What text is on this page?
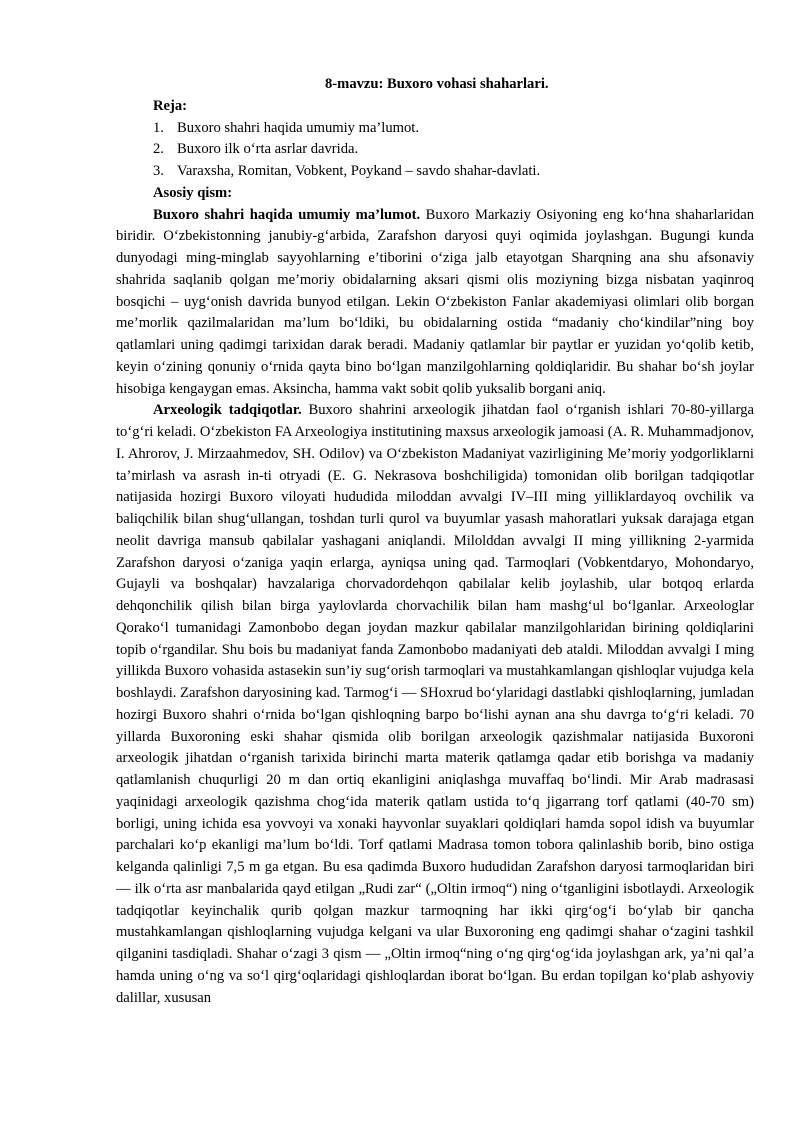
8-mavzu: Buxoro vohasi shaharlari.
Reja:
1. Buxoro shahri haqida umumiy ma’lumot.
2. Buxoro ilk o‘rta asrlar davrida.
3. Varaxsha, Romitan, Vobkent, Poykand – savdo shahar-davlati.
Asosiy qism:

Buxoro shahri haqida umumiy ma’lumot. Buxoro Markaziy Osiyoning eng ko‘hna shaharlaridan biridir. O‘zbekistonning janubiy-g‘arbida, Zarafshon daryosi quyi oqimida joylashgan. Bugungi kunda dunyodagi ming-minglab sayyohlarning e’tiborini o‘ziga jalb etayotgan Sharqning ana shu afsonaviy shahrida saqlanib qolgan me’moriy obidalarning aksari qismi olis moziyning bizga nisbatan yaqinroq bosqichi – uyg‘onish davrida bunyod etilgan. Lekin O‘zbekiston Fanlar akademiyasi olimlari olib borgan me’morlik qazilmalaridan ma’lum bo‘ldiki, bu obidalarning ostida “madaniy cho‘kindilar”ning boy qatlamlari uning qadimgi tarixidan darak beradi. Madaniy qatlamlar bir paytlar er yuzidan yo‘qolib ketib, keyin o‘zining qonuniy o‘rnida qayta bino bo‘lgan manzilgohlarning qoldiqlaridir. Bu shahar bo‘sh joylar hisobiga kengaygan emas. Aksincha, hamma vakt sobit qolib yuksalib borgani aniq.

Arxeologik tadqiqotlar. Buxoro shahrini arxeologik jihatdan faol o‘rganish ishlari 70-80-yillarga to‘g‘ri keladi. O‘zbekiston FA Arxeologiya institutining maxsus arxeologik jamoasi (A. R. Muhammadjonov, I. Ahrorov, J. Mirzaahmedov, SH. Odilov) va O‘zbekiston Madaniyat vazirligining Me’moriy yodgorliklarni ta’mirlash va asrash in-ti otryadi (E. G. Nekrasova boshchiligida) tomonidan olib borilgan tadqiqotlar natijasida hozirgi Buxoro viloyati hududida miloddan avvalgi IV–III ming yilliklardayoq ovchilik va baliqchilik bilan shug‘ullangan, toshdan turli qurol va buyumlar yasash mahoratlari yuksak darajaga etgan neolit davriga mansub qabilalar yashagani aniqlandi. Milolddan avvalgi II ming yillikning 2-yarmida Zarafshon daryosi o‘zaniga yaqin erlarga, ayniqsa uning qad. Tarmoqlari (Vobkentdaryo, Mohondaryo, Gujayli va boshqalar) havzalariga chorvadordehqon qabilalar kelib joylashib, ular botqoq erlarda dehqonchilik qilish bilan birga yaylovlarda chorvachilik bilan ham mashg‘ul bo‘lganlar. Arxeologlar Qorako‘l tumanidagi Zamonbobo degan joydan mazkur qabilalar manzilgohlaridan birining qoldiqlarini topib o‘rgandilar. Shu bois bu madaniyat fanda Zamonbobo madaniyati deb ataldi. Miloddan avvalgi I ming yillikda Buxoro vohasida astasekin sun’iy sug‘orish tarmoqlari va mustahkamlangan qishloqlar vujudga kela boshlaydi. Zarafshon daryosining kad. Tarmog‘i — SHoxrud bo‘ylaridagi dastlabki qishloqlarning, jumladan hozirgi Buxoro shahri o‘rnida bo‘lgan qishloqning barpo bo‘lishi aynan ana shu davrga to‘g‘ri keladi. 70 yillarda Buxoroning eski shahar qismida olib borilgan arxeologik qazishmalar natijasida Buxoroni arxeologik jihatdan o‘rganish tarixida birinchi marta materik qatlamga qadar etib borishga va madaniy qatlamlanish chuqurligi 20 m dan ortiq ekanligini aniqlashga muvaffaq bo‘lindi. Mir Arab madrasasi yaqinidagi arxeologik qazishma chog‘ida materik qatlam ustida to‘q jigarrang torf qatlami (40-70 sm) borligi, uning ichida esa yovvoyi va xonaki hayvonlar suyaklari qoldiqlari hamda sopol idish va buyumlar parchalari ko‘p ekanligi ma’lum bo‘ldi. Torf qatlami Madrasa tomon tobora qalinlashib borib, bino ostiga kelganda qalinligi 7,5 m ga etgan. Bu esa qadimda Buxoro hududidan Zarafshon daryosi tarmoqlaridan biri — ilk o‘rta asr manbalarida qayd etilgan „Rudi zar“ („Oltin irmoq“) ning o‘tganligini isbotlaydi. Arxeologik tadqiqotlar keyinchalik qurib qolgan mazkur tarmoqning har ikki qirg‘og‘i bo‘ylab bir qancha mustahkamlangan qishloqlarning vujudga kelgani va ular Buxoroning eng qadimgi shahar o‘zagini tashkil qilganini tasdiqladi. Shahar o‘zagi 3 qism — „Oltin irmoq“ning o‘ng qirg‘og‘ida joylashgan ark, ya’ni qal’a hamda uning o‘ng va so‘l qirg‘oqlaridagi qishloqlardan iborat bo‘lgan. Bu erdan topilgan ko‘plab ashyoviy dalillar, xususan
